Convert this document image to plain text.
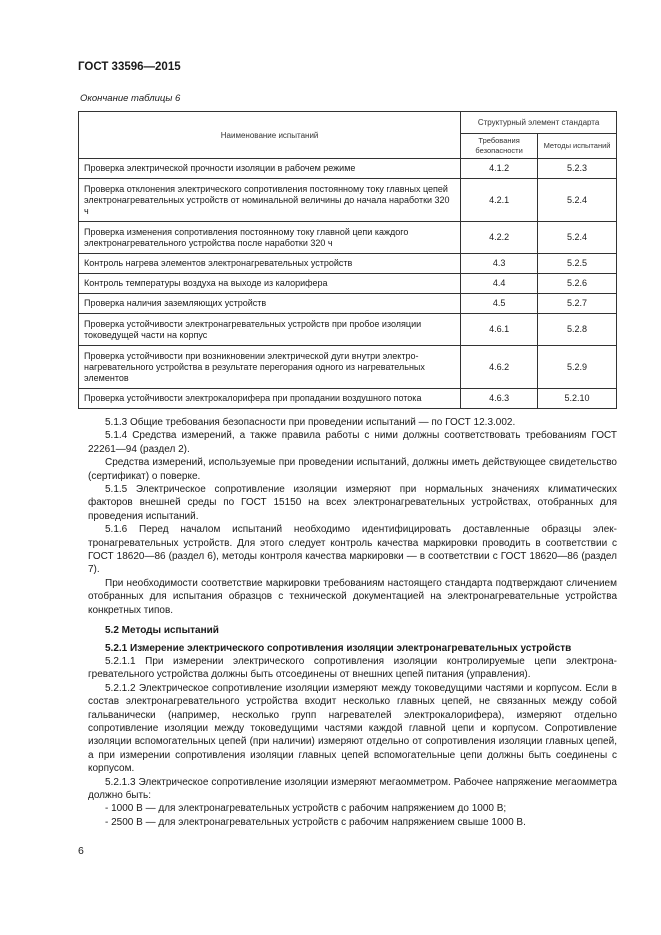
ГОСТ 33596—2015
Окончание таблицы 6
Наименование испытаний	Структурный элемент стандарта	
	Требования безопасности	Методы испытаний
Проверка электрической прочности изоляции в рабочем режиме	4.1.2	5.2.3
Проверка отклонения электрического сопротивления постоянному току главных цепей электронагревательных устройств от номинальной величины до начала наработки 320 ч	4.2.1	5.2.4
Проверка изменения сопротивления постоянному току главной цепи каждого электронагревательного устройства после наработки 320 ч	4.2.2	5.2.4
Контроль нагрева элементов электронагревательных устройств	4.3	5.2.5
Контроль температуры воздуха на выходе из калорифера	4.4	5.2.6
Проверка наличия заземляющих устройств	4.5	5.2.7
Проверка устойчивости электронагревательных устройств при пробое изоляции токоведущей части на корпус	4.6.1	5.2.8
Проверка устойчивости при возникновении электрической дуги внутри электронагревательного устройства в результате перегорания одного из нагревательных элементов	4.6.2	5.2.9
Проверка устойчивости электрокалорифера при пропадании воздушного потока	4.6.3	5.2.10

5.1.3 Общие требования безопасности при проведении испытаний — по ГОСТ 12.3.002.

5.1.4 Средства измерений, а также правила работы с ними должны соответствовать требованиям ГОСТ 22261—94 (раздел 2).

Средства измерений, используемые при проведении испытаний, должны иметь действующее свидетельство (сертификат) о поверке.

5.1.5 Электрическое сопротивление изоляции измеряют при нормальных значениях климатических факторов внешней среды по ГОСТ 15150 на всех электронагревательных устройствах, отобранных для проведения испытаний.

5.1.6 Перед началом испытаний необходимо идентифицировать доставленные образцы электронагревательных устройств. Для этого следует контроль качества маркировки проводить в соответствии с ГОСТ 18620—86 (раздел 6), методы контроля качества маркировки — в соответствии с ГОСТ 18620—86 (раздел 7).

При необходимости соответствие маркировки требованиям настоящего стандарта подтверждают сличением отобранных для испытания образцов с технической документацией на электронагревательные устройства конкретных типов.

5.2 Методы испытаний

5.2.1 Измерение электрического сопротивления изоляции электронагревательных устройств

5.2.1.1 При измерении электрического сопротивления изоляции контролируемые цепи электронагревательного устройства должны быть отсоединены от внешних цепей питания (управления).

5.2.1.2 Электрическое сопротивление изоляции измеряют между токоведущими частями и корпусом. Если в состав электронагревательного устройства входит несколько главных цепей, не связанных между собой гальванически (например, несколько групп нагревателей электрокалорифера), измеряют отдельно сопротивление изоляции между токоведущими частями каждой главной цепи и корпусом. Сопротивление изоляции вспомогательных цепей (при наличии) измеряют отдельно от сопротивления изоляции главных цепей, а при измерении сопротивления изоляции главных цепей вспомогательные цепи должны быть соединены с корпусом.

5.2.1.3 Электрическое сопротивление изоляции измеряют мегаомметром. Рабочее напряжение мегаомметра должно быть:

- 1000 В — для электронагревательных устройств с рабочим напряжением до 1000 В;

- 2500 В — для электронагревательных устройств с рабочим напряжением свыше 1000 В.

6
